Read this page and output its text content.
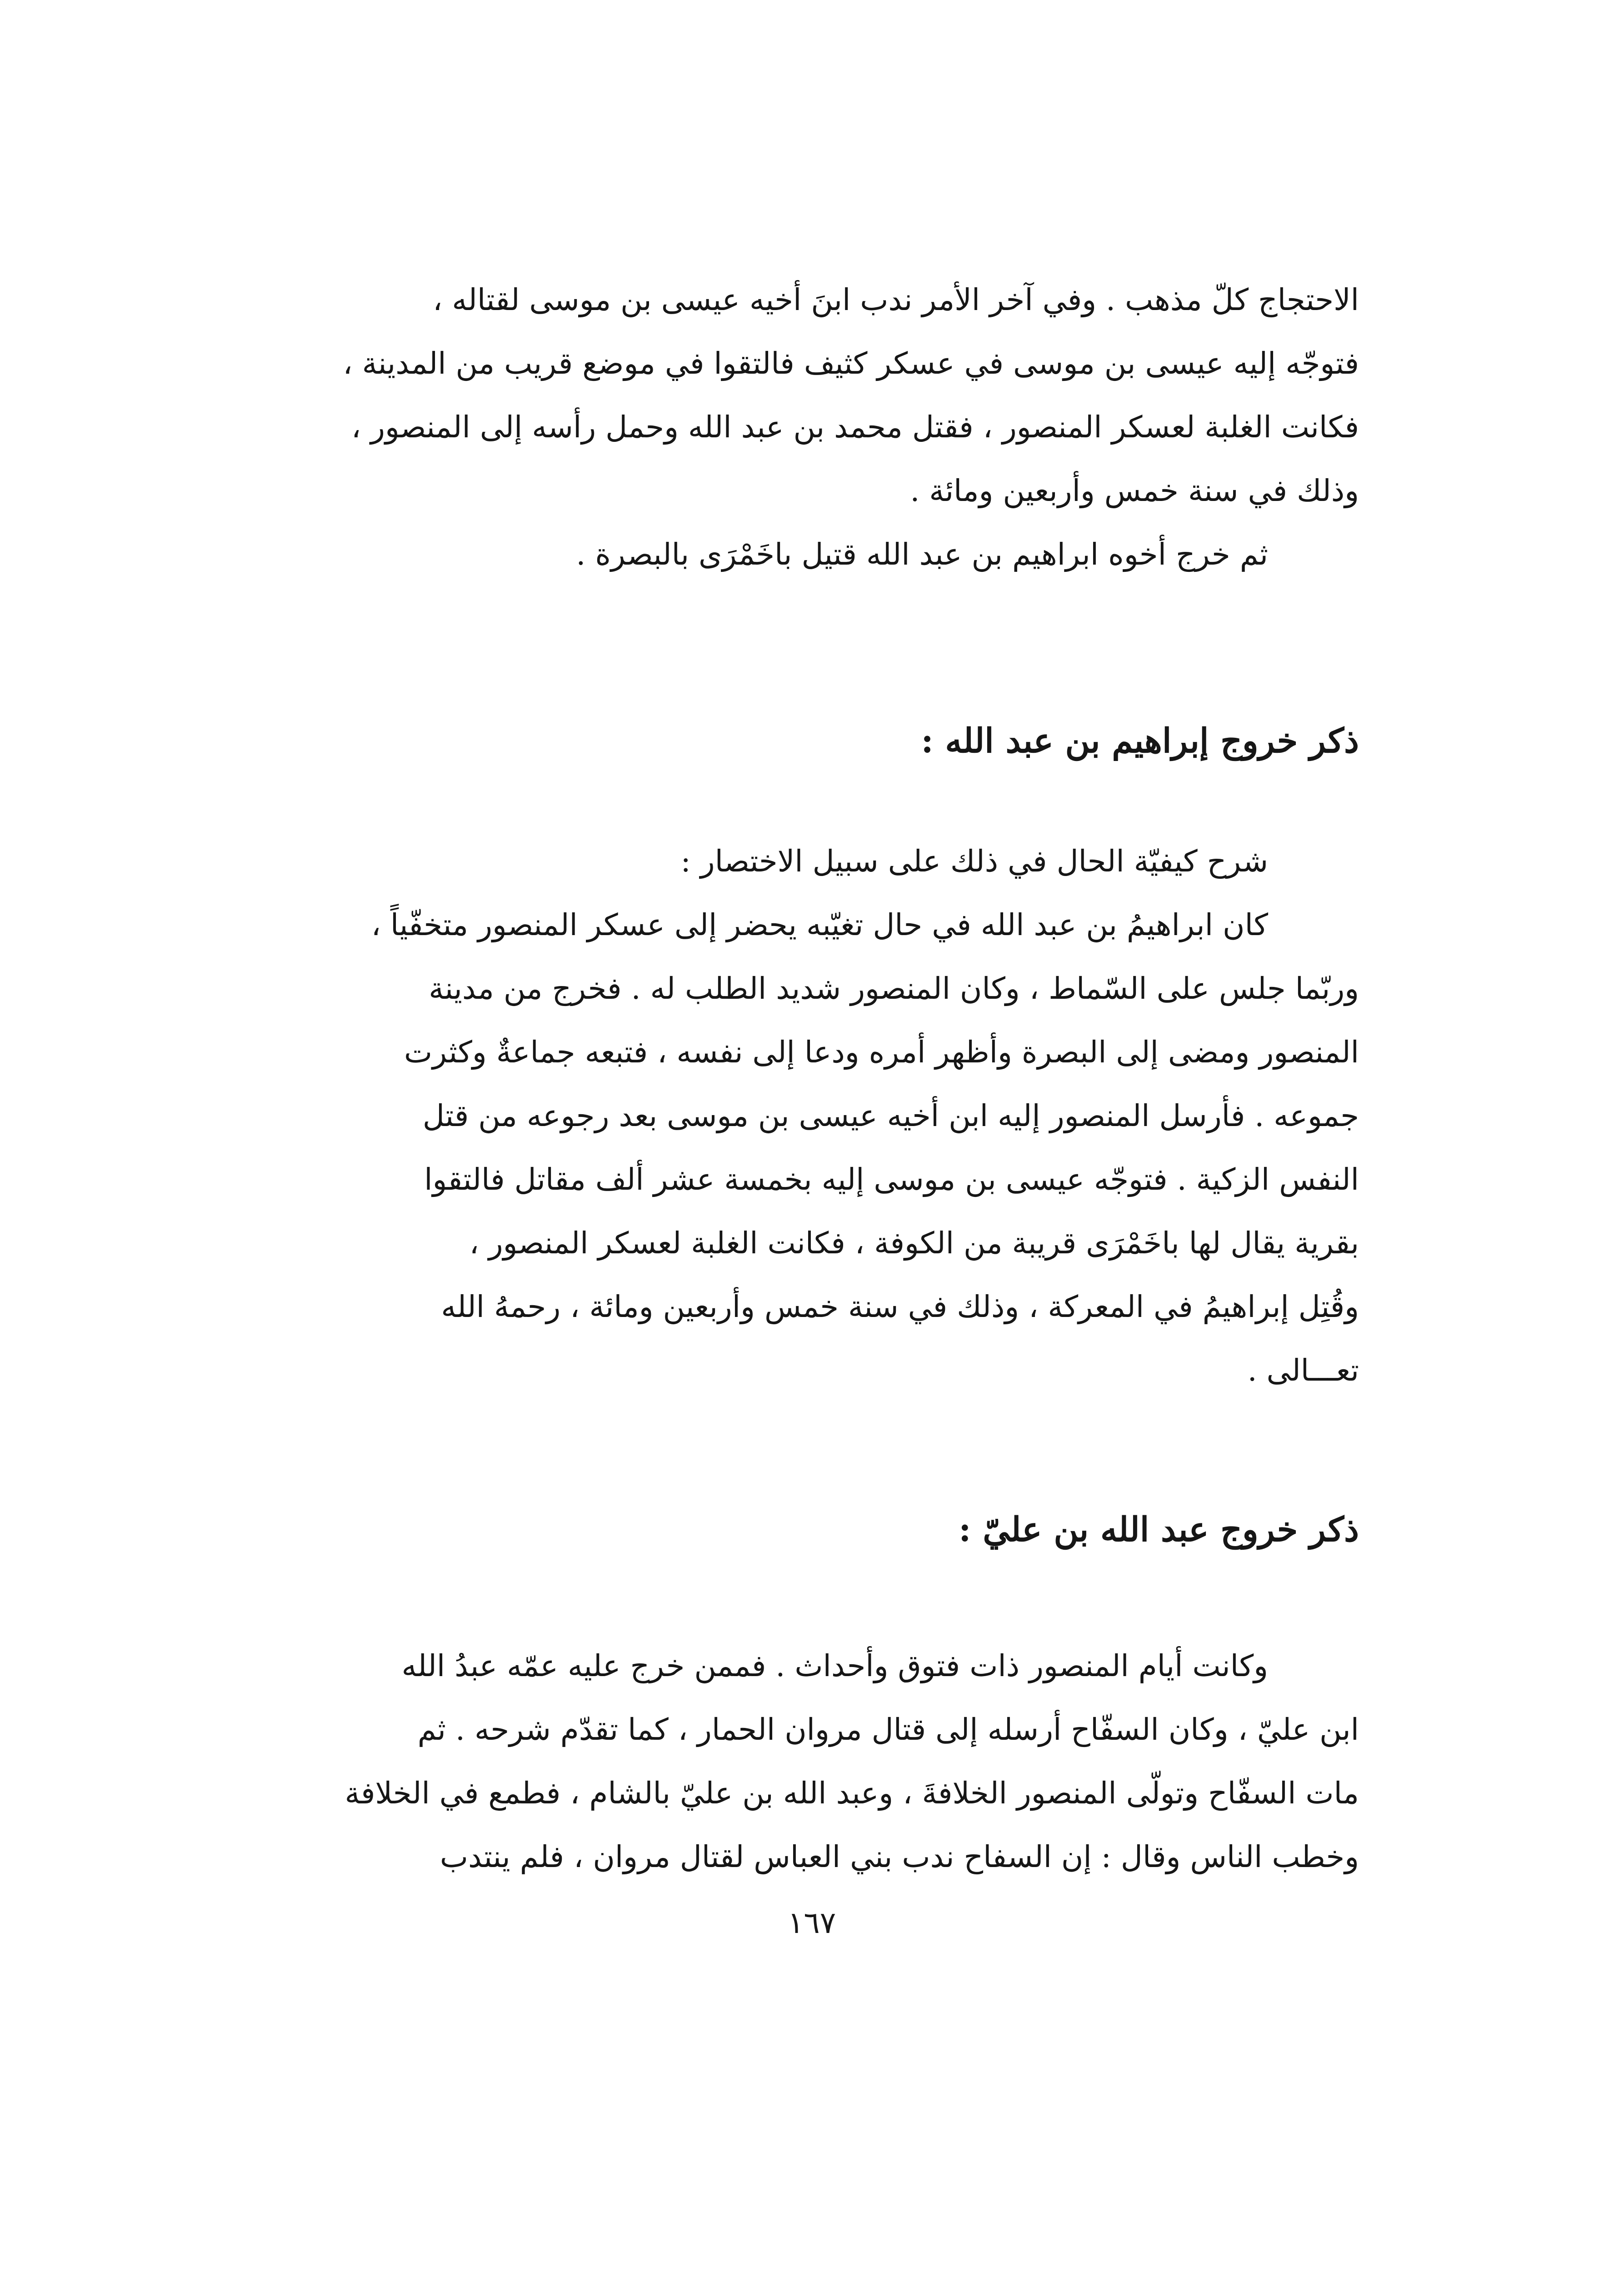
الاحتجاج كلّ مذهب . وفي آخر الأمر ندب ابنَ أخيه عيسى بن موسى لقتاله ،
فتوجّه إليه عيسى بن موسى في عسكر كثيف فالتقوا في موضع قريب من المدينة ،
فكانت الغلبة لعسكر المنصور ، فقتل محمد بن عبد الله وحمل رأسه إلى المنصور ،
وذلك في سنة خمس وأربعين ومائة .
ثم خرج أخوه ابراهيم بن عبد الله قتيل باخَمْرَى بالبصرة .
ذكر خروج إبراهيم بن عبد الله :
شرح كيفيّة الحال في ذلك على سبيل الاختصار :
كان ابراهيمُ بن عبد الله في حال تغيّبه يحضر إلى عسكر المنصور متخفّياً ،
وربّما جلس على السّماط ، وكان المنصور شديد الطلب له . فخرج من مدينة
المنصور ومضى إلى البصرة وأظهر أمره ودعا إلى نفسه ، فتبعه جماعةٌ وكثرت
جموعه . فأرسل المنصور إليه ابن أخيه عيسى بن موسى بعد رجوعه من قتل
النفس الزكية . فتوجّه عيسى بن موسى إليه بخمسة عشر ألف مقاتل فالتقوا
بقرية يقال لها باخَمْرَى قريبة من الكوفة ، فكانت الغلبة لعسكر المنصور ،
وقُتِل إبراهيمُ في المعركة ، وذلك في سنة خمس وأربعين ومائة ، رحمهُ الله
تعـــالى .
ذكر خروج عبد الله بن عليّ :
وكانت أيام المنصور ذات فتوق وأحداث . فممن خرج عليه عمّه عبدُ الله
ابن عليّ ، وكان السفّاح أرسله إلى قتال مروان الحمار ، كما تقدّم شرحه . ثم
مات السفّاح وتولّى المنصور الخلافةَ ، وعبد الله بن عليّ بالشام ، فطمع في الخلافة
وخطب الناس وقال : إن السفاح ندب بني العباس لقتال مروان ، فلم ينتدب
١٦٧
